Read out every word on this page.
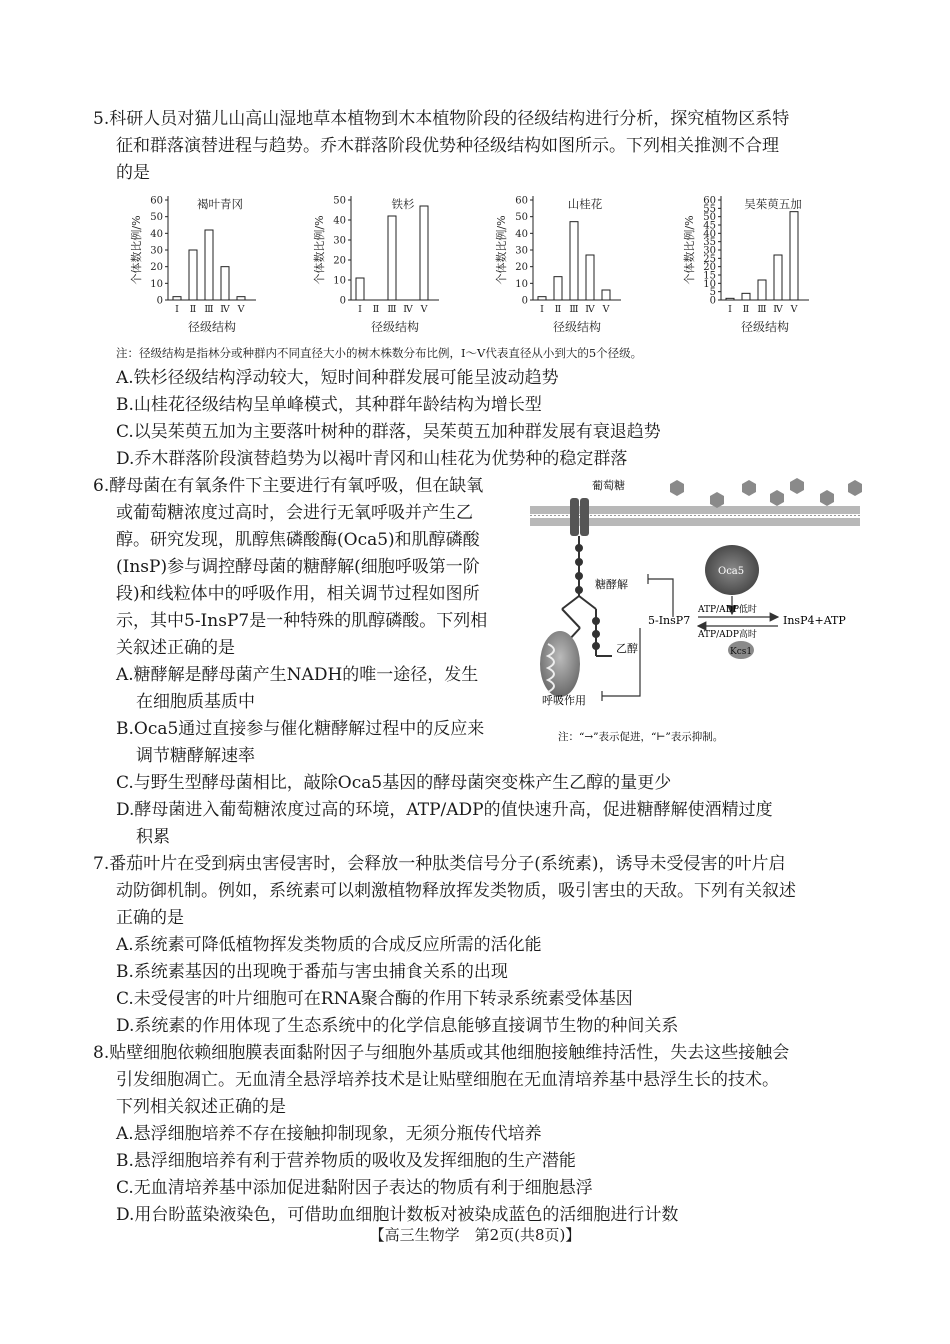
5.科研人员对猫儿山高山湿地草本植物到木本植物阶段的径级结构进行分析，探究植物区系特
征和群落演替进程与趋势。乔木群落阶段优势种径级结构如图所示。下列相关推测不合理
的是
0
10
20
30
40
50
60
Ⅰ Ⅱ Ⅲ Ⅳ Ⅴ
褐叶青冈
径级结构
个体数比例/%
0
10
20
30
40
50
Ⅰ Ⅱ Ⅲ Ⅳ Ⅴ
铁杉
径级结构
个体数比例/%
0
10
20
30
40
50
60
Ⅰ Ⅱ Ⅲ Ⅳ Ⅴ
山桂花
径级结构
个体数比例/%
0
5
10
15
20
25
30
35
40
45
50
55
60
Ⅰ Ⅱ Ⅲ Ⅳ Ⅴ
吴茱萸五加
径级结构
个体数比例/%
注：径级结构是指林分或种群内不同直径大小的树木株数分布比例，Ⅰ～Ⅴ代表直径从小到大的5个径级。
A.铁杉径级结构浮动较大，短时间种群发展可能呈波动趋势
B.山桂花径级结构呈单峰模式，其种群年龄结构为增长型
C.以吴茱萸五加为主要落叶树种的群落，吴茱萸五加种群发展有衰退趋势
D.乔木群落阶段演替趋势为以褐叶青冈和山桂花为优势种的稳定群落
6.酵母菌在有氧条件下主要进行有氧呼吸，但在缺氧
或葡萄糖浓度过高时，会进行无氧呼吸并产生乙
醇。研究发现，肌醇焦磷酸酶(Oca5)和肌醇磷酸
(InsP)参与调控酵母菌的糖酵解(细胞呼吸第一阶
段)和线粒体中的呼吸作用，相关调节过程如图所
示，其中5-InsP7是一种特殊的肌醇磷酸。下列相
关叙述正确的是
A.糖酵解是酵母菌产生NADH的唯一途径，发生
在细胞质基质中
B.Oca5通过直接参与催化糖酵解过程中的反应来
调节糖酵解速率
C.与野生型酵母菌相比，敲除Oca5基因的酵母菌突变株产生乙醇的量更少
D.酵母菌进入葡萄糖浓度过高的环境，ATP/ADP的值快速升高，促进糖酵解使酒精过度
积累
葡萄糖
糖酵解
乙醇
呼吸作用
Oca5
5-InsP7	InsP4+ATP
ATP/ADP低时
ATP/ADP高时
Kcs1
注：“→”表示促进，“⊢”表示抑制。
7.番茄叶片在受到病虫害侵害时，会释放一种肽类信号分子(系统素)，诱导未受侵害的叶片启
动防御机制。例如，系统素可以刺激植物释放挥发类物质，吸引害虫的天敌。下列有关叙述
正确的是
A.系统素可降低植物挥发类物质的合成反应所需的活化能
B.系统素基因的出现晚于番茄与害虫捕食关系的出现
C.未受侵害的叶片细胞可在RNA聚合酶的作用下转录系统素受体基因
D.系统素的作用体现了生态系统中的化学信息能够直接调节生物的种间关系
8.贴壁细胞依赖细胞膜表面黏附因子与细胞外基质或其他细胞接触维持活性，失去这些接触会
引发细胞凋亡。无血清全悬浮培养技术是让贴壁细胞在无血清培养基中悬浮生长的技术。
下列相关叙述正确的是
A.悬浮细胞培养不存在接触抑制现象，无须分瓶传代培养
B.悬浮细胞培养有利于营养物质的吸收及发挥细胞的生产潜能
C.无血清培养基中添加促进黏附因子表达的物质有利于细胞悬浮
D.用台盼蓝染液染色，可借助血细胞计数板对被染成蓝色的活细胞进行计数
【高三生物学　第2页(共8页)】
